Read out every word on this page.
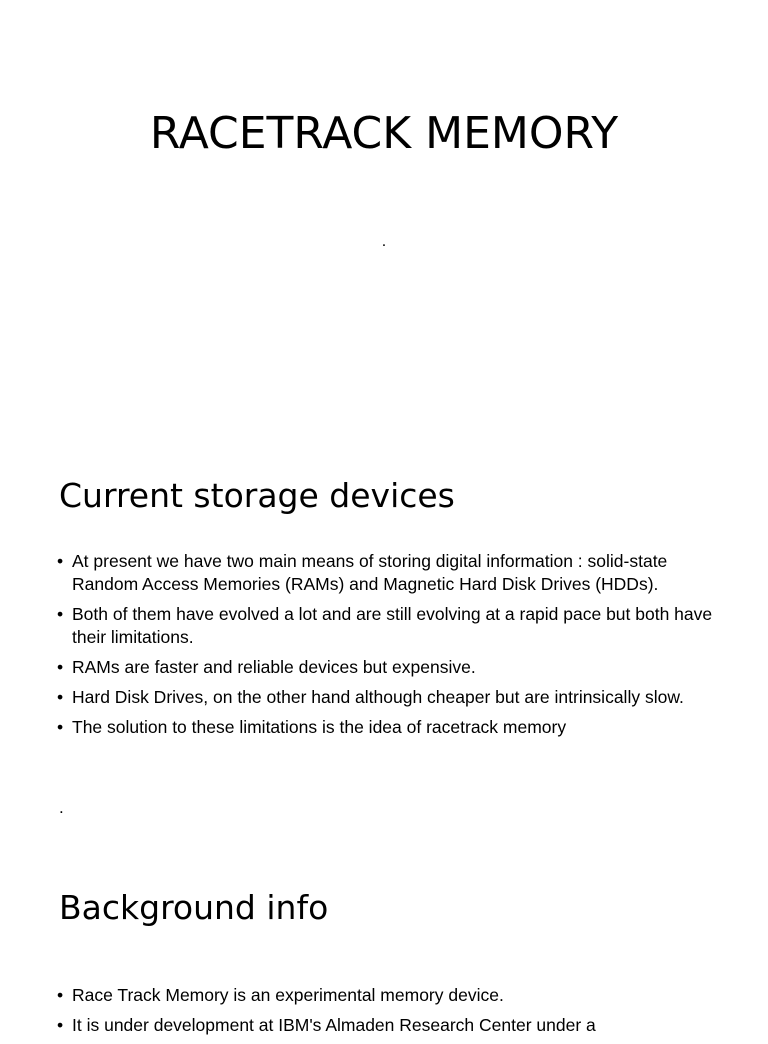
RACETRACK MEMORY

.

Current storage devices
• At present we have two main means of storing digital information : solid-state Random Access Memories (RAMs) and Magnetic Hard Disk Drives (HDDs).
• Both of them have evolved a lot and are still evolving at a rapid pace but both have their limitations.
• RAMs are faster and reliable devices but expensive.
• Hard Disk Drives, on the other hand although cheaper but are intrinsically slow.
• The solution to these limitations is the idea of racetrack memory
.
Background info
• Race Track Memory is an experimental memory device.
• It is under development at IBM's Almaden Research Center under a
